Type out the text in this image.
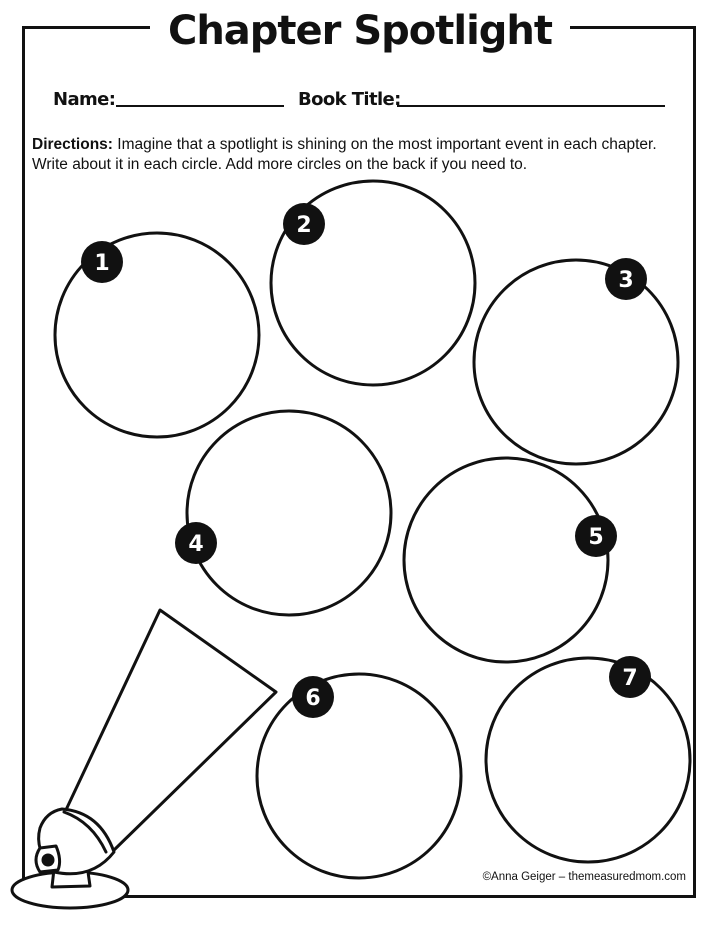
Chapter Spotlight
Name:	Book Title:
Directions: Imagine that a spotlight is shining on the most important event in each chapter. Write about it in each circle. Add more circles on the back if you need to.
1
2
3
4	5
6
7
©Anna Geiger – themeasuredmom.com
